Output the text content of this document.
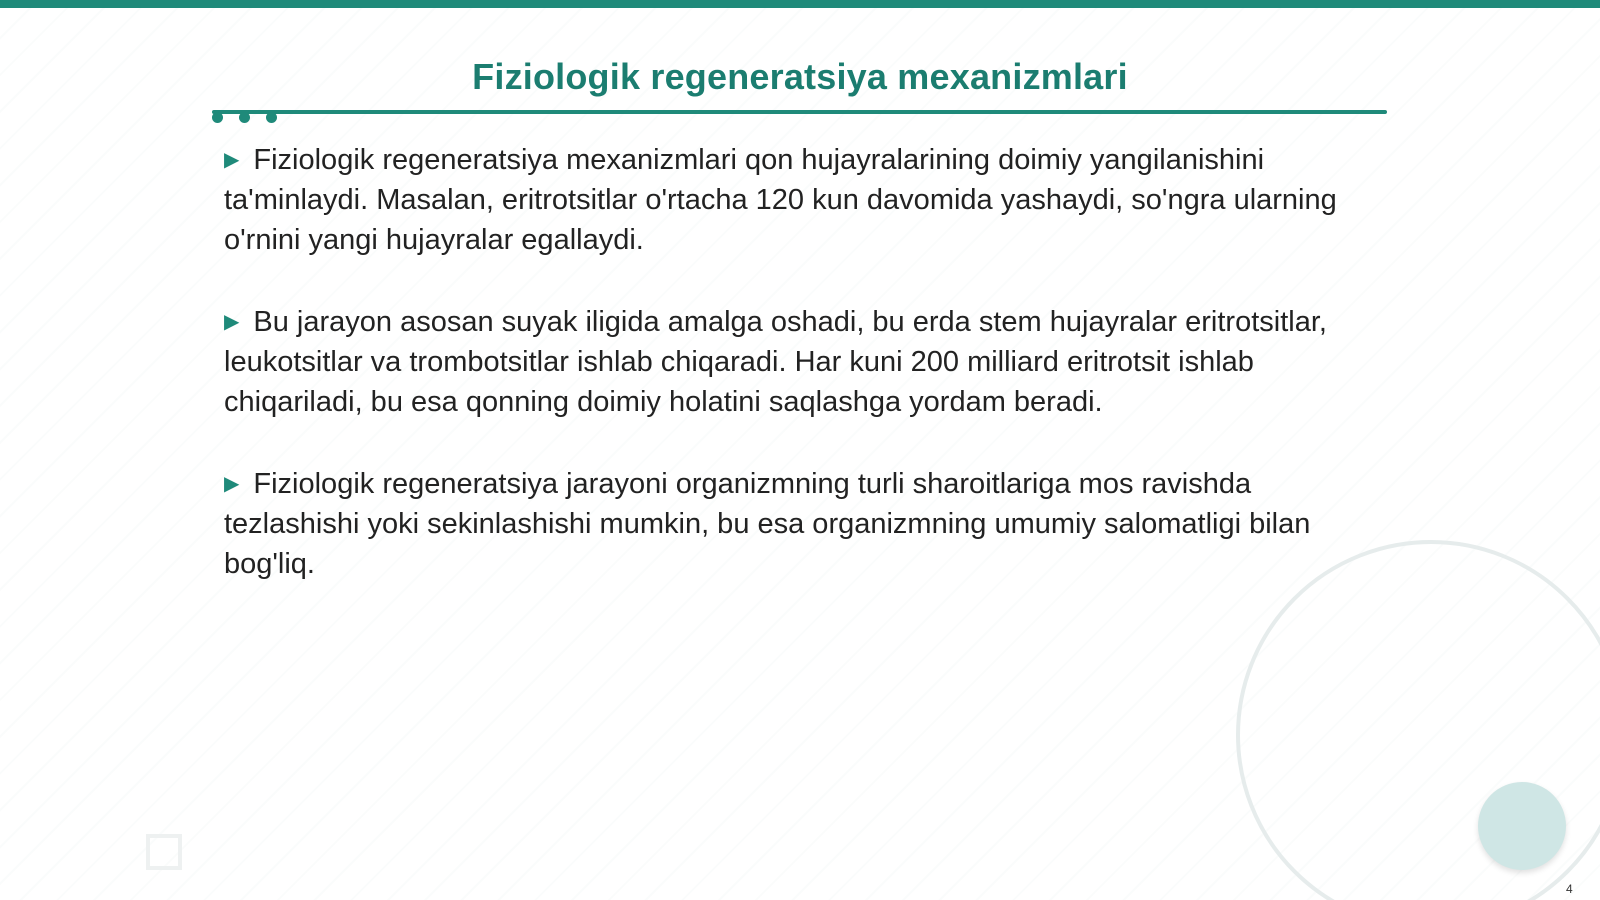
Fiziologik regeneratsiya mexanizmlari

▶ Fiziologik regeneratsiya mexanizmlari qon hujayralarining doimiy yangilanishini ta'minlaydi. Masalan, eritrotsitlar o'rtacha 120 kun davomida yashaydi, so'ngra ularning o'rnini yangi hujayralar egallaydi.

▶ Bu jarayon asosan suyak iligida amalga oshadi, bu erda stem hujayralar eritrotsitlar, leukotsitlar va trombotsitlar ishlab chiqaradi. Har kuni 200 milliard eritrotsit ishlab chiqariladi, bu esa qonning doimiy holatini saqlashga yordam beradi.

▶ Fiziologik regeneratsiya jarayoni organizmning turli sharoitlariga mos ravishda tezlashishi yoki sekinlashishi mumkin, bu esa organizmning umumiy salomatligi bilan bog'liq.

4
